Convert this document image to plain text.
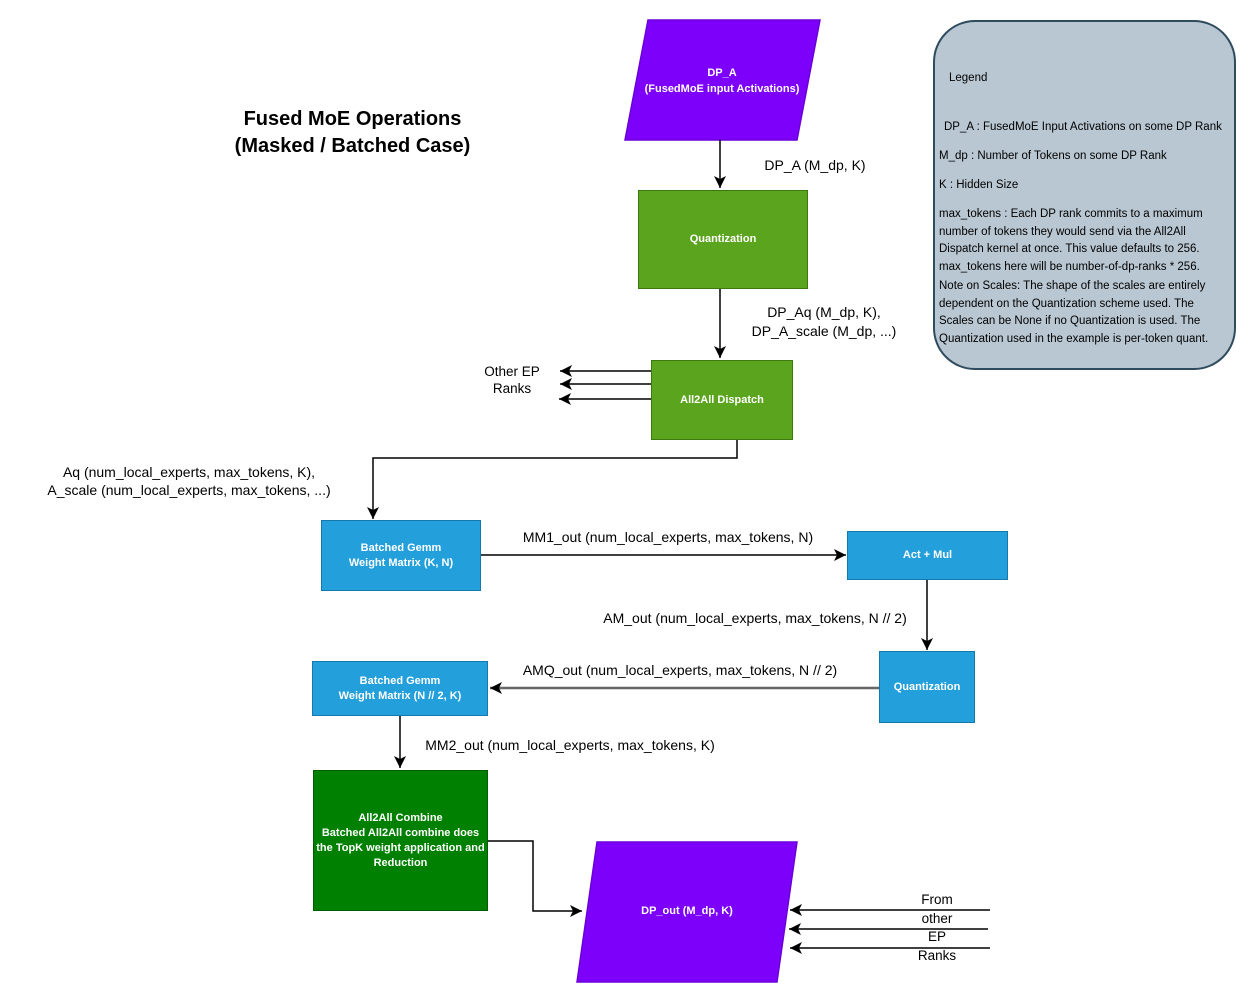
Fused MoE Operations
(Masked / Batched Case)
DP_A
(FusedMoE input Activations)
Quantization
All2All Dispatch
Batched Gemm
Weight Matrix (K, N)
Act + Mul
Quantization
Batched Gemm
Weight Matrix (N // 2, K)
All2All Combine
Batched All2All combine does
the TopK weight application and
Reduction
DP_out (M_dp, K)
DP_A (M_dp, K)
DP_Aq (M_dp, K),
DP_A_scale (M_dp, ...)
Aq (num_local_experts, max_tokens, K),
A_scale (num_local_experts, max_tokens, ...)
MM1_out (num_local_experts, max_tokens, N)
AM_out (num_local_experts, max_tokens, N // 2)
AMQ_out (num_local_experts, max_tokens, N // 2)
MM2_out (num_local_experts, max_tokens, K)
Other EP
Ranks
From
other
EP
Ranks
Legend
DP_A : FusedMoE Input Activations on some DP Rank
M_dp : Number of Tokens on some DP Rank
K : Hidden Size
max_tokens : Each DP rank commits to a maximum number of tokens they would send via the All2All Dispatch kernel at once. This value defaults to 256. max_tokens here will be number-of-dp-ranks * 256.
Note on Scales: The shape of the scales are entirely dependent on the Quantization scheme used. The Scales can be None if no Quantization is used. The Quantization used in the example is per-token quant.
